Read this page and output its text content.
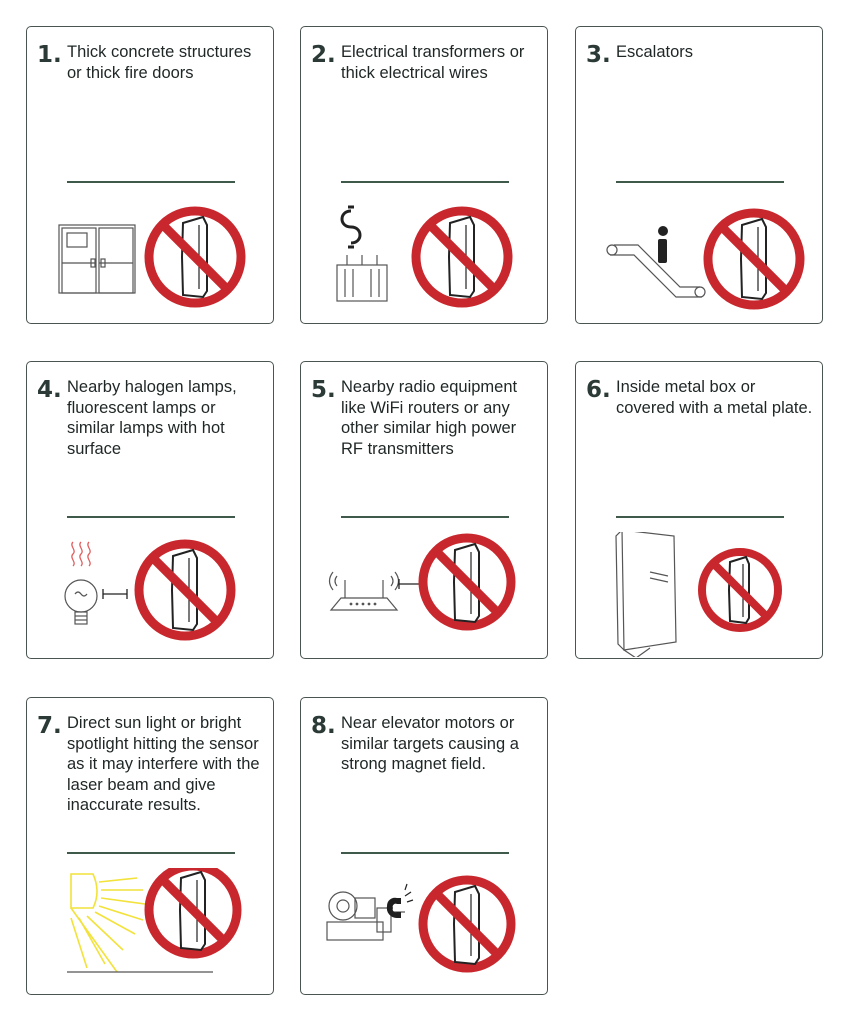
1. Thick concrete structures or thick fire doors
2. Electrical transformers or thick electrical wires
3. Escalators
4. Nearby halogen lamps, fluorescent lamps or similar lamps with hot surface
5. Nearby radio equipment like WiFi routers or any other similar high power RF transmitters
6. Inside metal box or covered with a metal plate.
7. Direct sun light or bright spotlight hitting the sensor as it may interfere with the laser beam and give inaccurate results.
8. Near elevator motors or similar targets causing a strong magnet field.
